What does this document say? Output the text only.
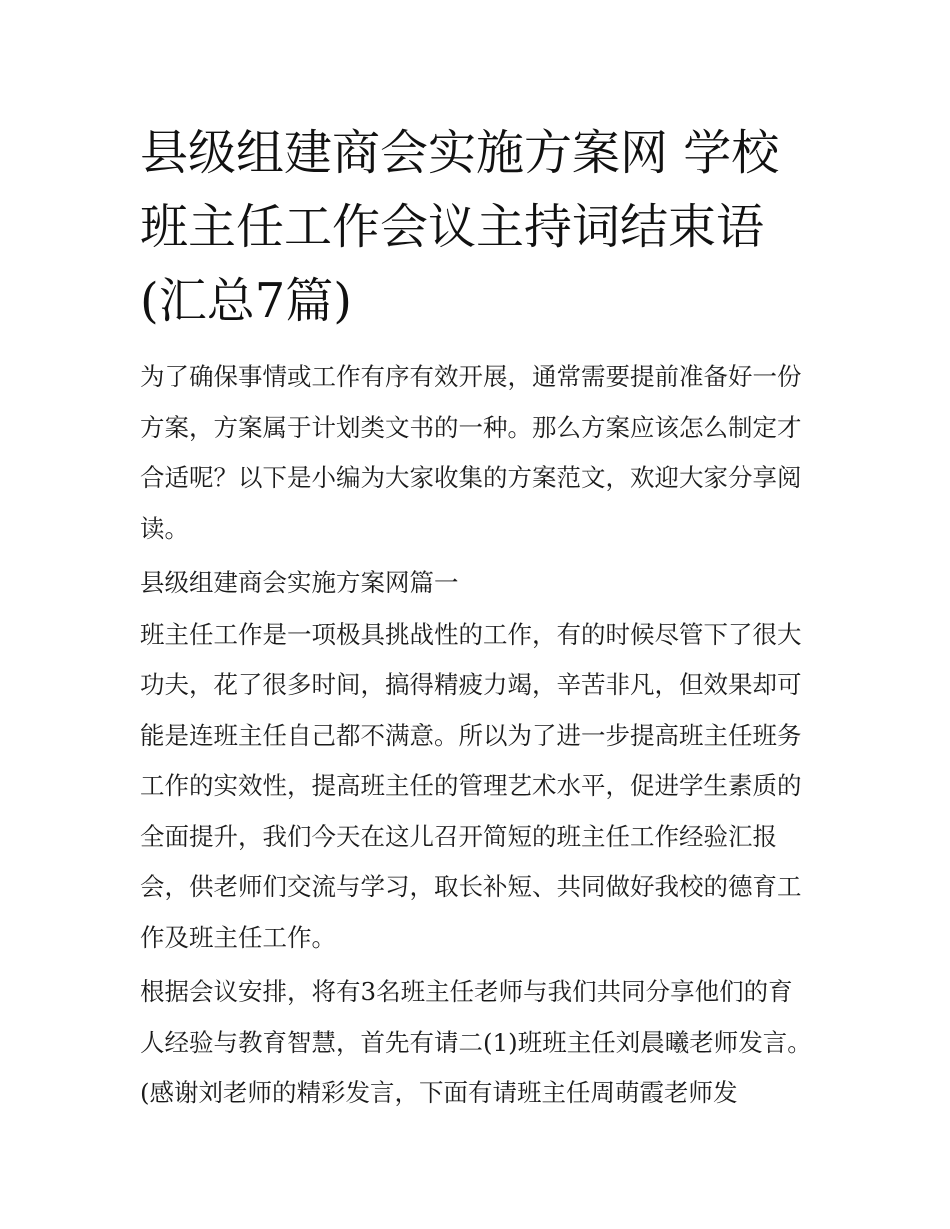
县级组建商会实施方案网 学校班主任工作会议主持词结束语(汇总7篇)

为了确保事情或工作有序有效开展，通常需要提前准备好一份方案，方案属于计划类文书的一种。那么方案应该怎么制定才合适呢？以下是小编为大家收集的方案范文，欢迎大家分享阅读。

县级组建商会实施方案网篇一

班主任工作是一项极具挑战性的工作，有的时候尽管下了很大功夫，花了很多时间，搞得精疲力竭，辛苦非凡，但效果却可能是连班主任自己都不满意。所以为了进一步提高班主任班务工作的实效性，提高班主任的管理艺术水平，促进学生素质的全面提升，我们今天在这儿召开简短的班主任工作经验汇报会，供老师们交流与学习，取长补短、共同做好我校的德育工作及班主任工作。

根据会议安排，将有3名班主任老师与我们共同分享他们的育人经验与教育智慧，首先有请二(1)班班主任刘晨曦老师发言。(感谢刘老师的精彩发言，下面有请班主任周萌霞老师发
